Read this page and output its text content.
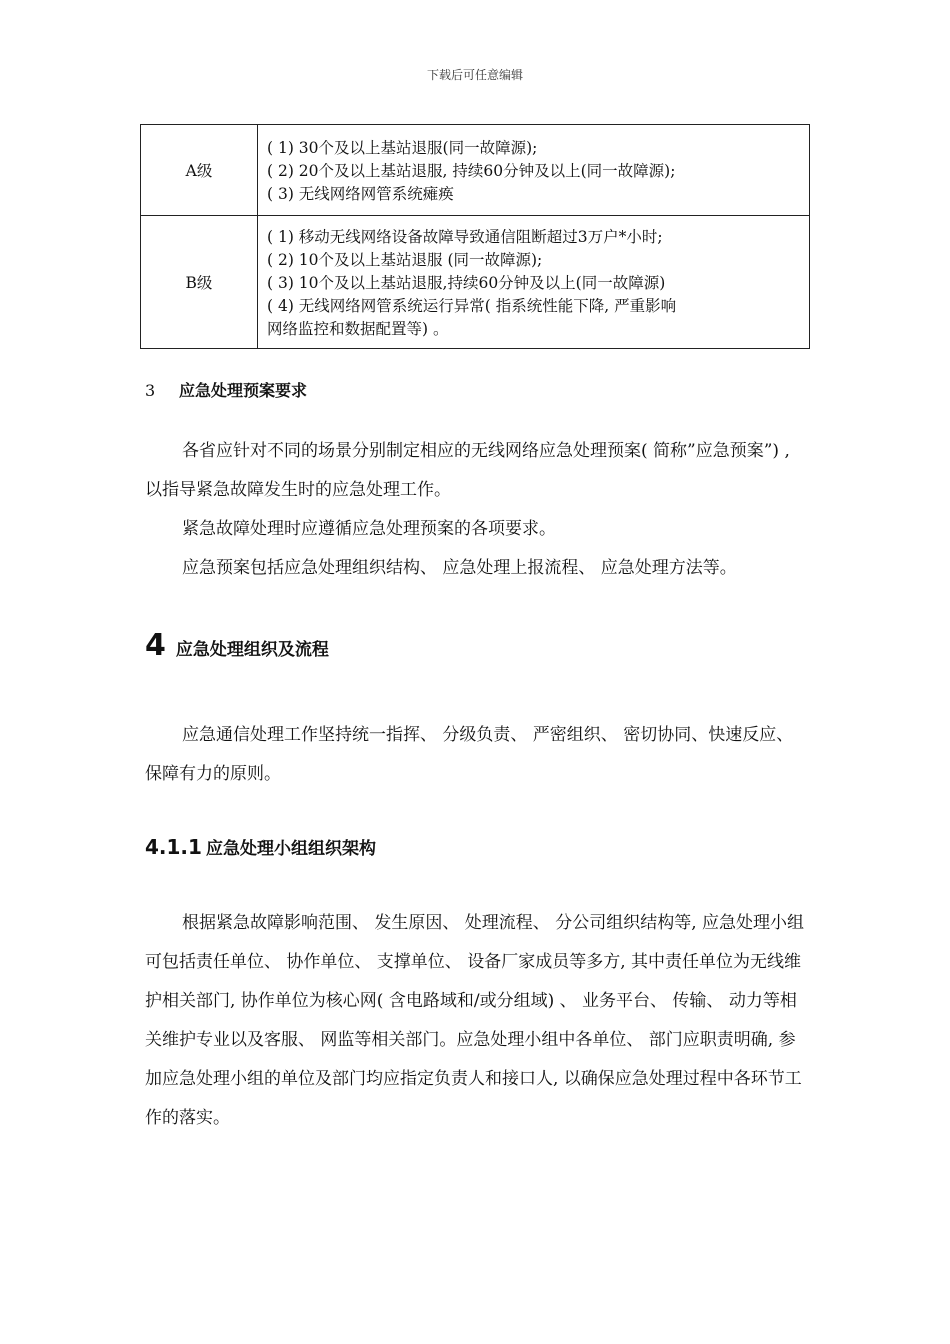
下载后可任意编辑
A级	( 1) 30个及以上基站退服(同一故障源);
( 2) 20个及以上基站退服, 持续60分钟及以上(同一故障源);
( 3) 无线网络网管系统瘫痪

B级	( 1) 移动无线网络设备故障导致通信阻断超过3万户*小时;
( 2) 10个及以上基站退服 (同一故障源);
( 3) 10个及以上基站退服,持续60分钟及以上(同一故障源)
( 4) 无线网络网管系统运行异常( 指系统性能下降, 严重影响
网络监控和数据配置等) 。
3 应急处理预案要求
各省应针对不同的场景分别制定相应的无线网络应急处理预案( 简称”应急预案”) , 以指导紧急故障发生时的应急处理工作。
紧急故障处理时应遵循应急处理预案的各项要求。
应急预案包括应急处理组织结构、 应急处理上报流程、 应急处理方法等。
4 应急处理组织及流程
应急通信处理工作坚持统一指挥、 分级负责、 严密组织、 密切协同、快速反应、 保障有力的原则。
4.1.1 应急处理小组组织架构
根据紧急故障影响范围、 发生原因、 处理流程、 分公司组织结构等, 应急处理小组可包括责任单位、 协作单位、 支撑单位、 设备厂家成员等多方, 其中责任单位为无线维护相关部门, 协作单位为核心网( 含电路域和/或分组域) 、 业务平台、 传输、 动力等相关维护专业以及客服、 网监等相关部门。应急处理小组中各单位、 部门应职责明确, 参加应急处理小组的单位及部门均应指定负责人和接口人, 以确保应急处理过程中各环节工作的落实。
